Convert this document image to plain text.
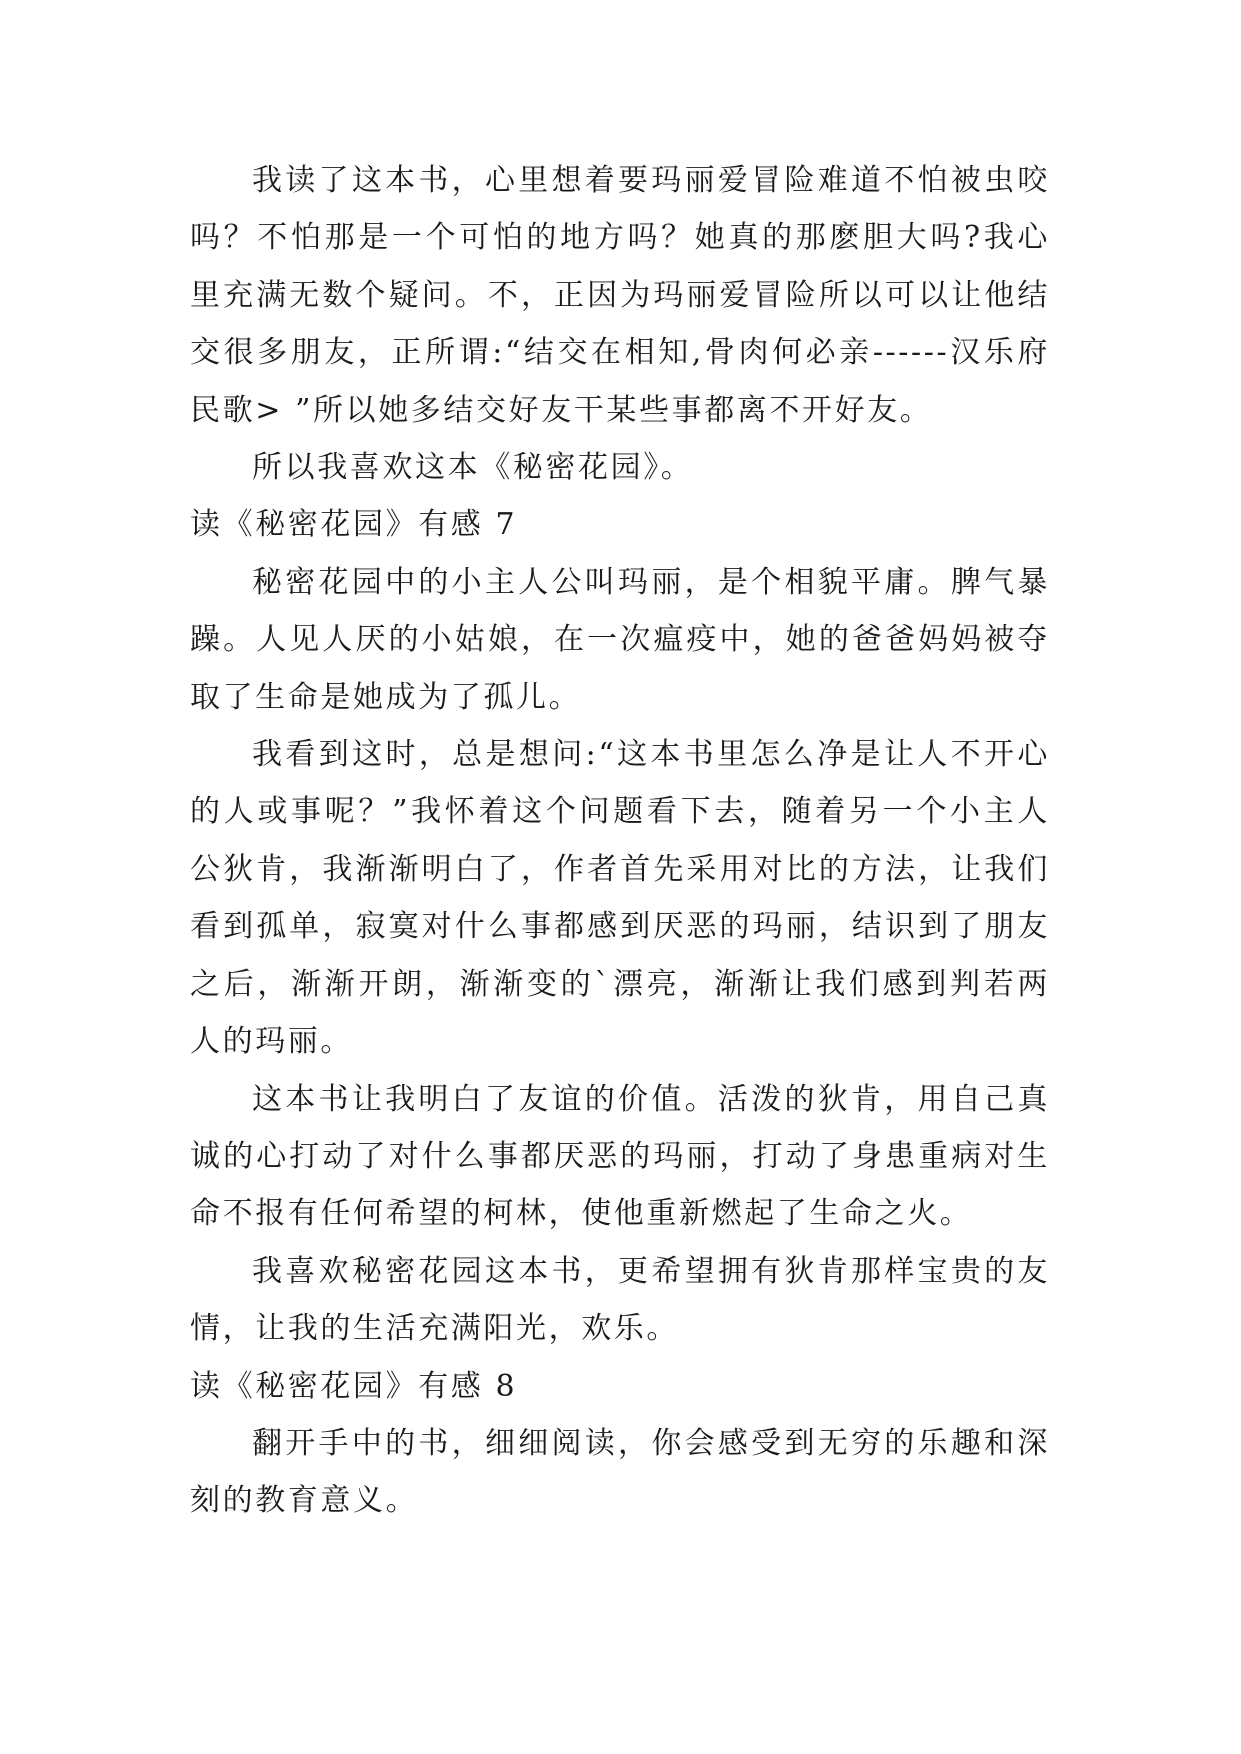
我读了这本书，心里想着要玛丽爱冒险难道不怕被虫咬吗？不怕那是一个可怕的地方吗？她真的那麽胆大吗?我心里充满无数个疑问。不，正因为玛丽爱冒险所以可以让他结交很多朋友，正所谓:“结交在相知,骨肉何必亲------汉乐府民歌> ”所以她多结交好友干某些事都离不开好友。

所以我喜欢这本《秘密花园》。

读《秘密花园》有感 7

秘密花园中的小主人公叫玛丽，是个相貌平庸。脾气暴躁。人见人厌的小姑娘，在一次瘟疫中，她的爸爸妈妈被夺取了生命是她成为了孤儿。

我看到这时，总是想问:“这本书里怎么净是让人不开心的人或事呢？”我怀着这个问题看下去，随着另一个小主人公狄肯，我渐渐明白了，作者首先采用对比的方法，让我们看到孤单，寂寞对什么事都感到厌恶的玛丽，结识到了朋友之后，渐渐开朗，渐渐变的`漂亮，渐渐让我们感到判若两人的玛丽。

这本书让我明白了友谊的价值。活泼的狄肯，用自己真诚的心打动了对什么事都厌恶的玛丽，打动了身患重病对生命不报有任何希望的柯林，使他重新燃起了生命之火。

我喜欢秘密花园这本书，更希望拥有狄肯那样宝贵的友情，让我的生活充满阳光，欢乐。

读《秘密花园》有感 8

翻开手中的书，细细阅读，你会感受到无穷的乐趣和深刻的教育意义。
